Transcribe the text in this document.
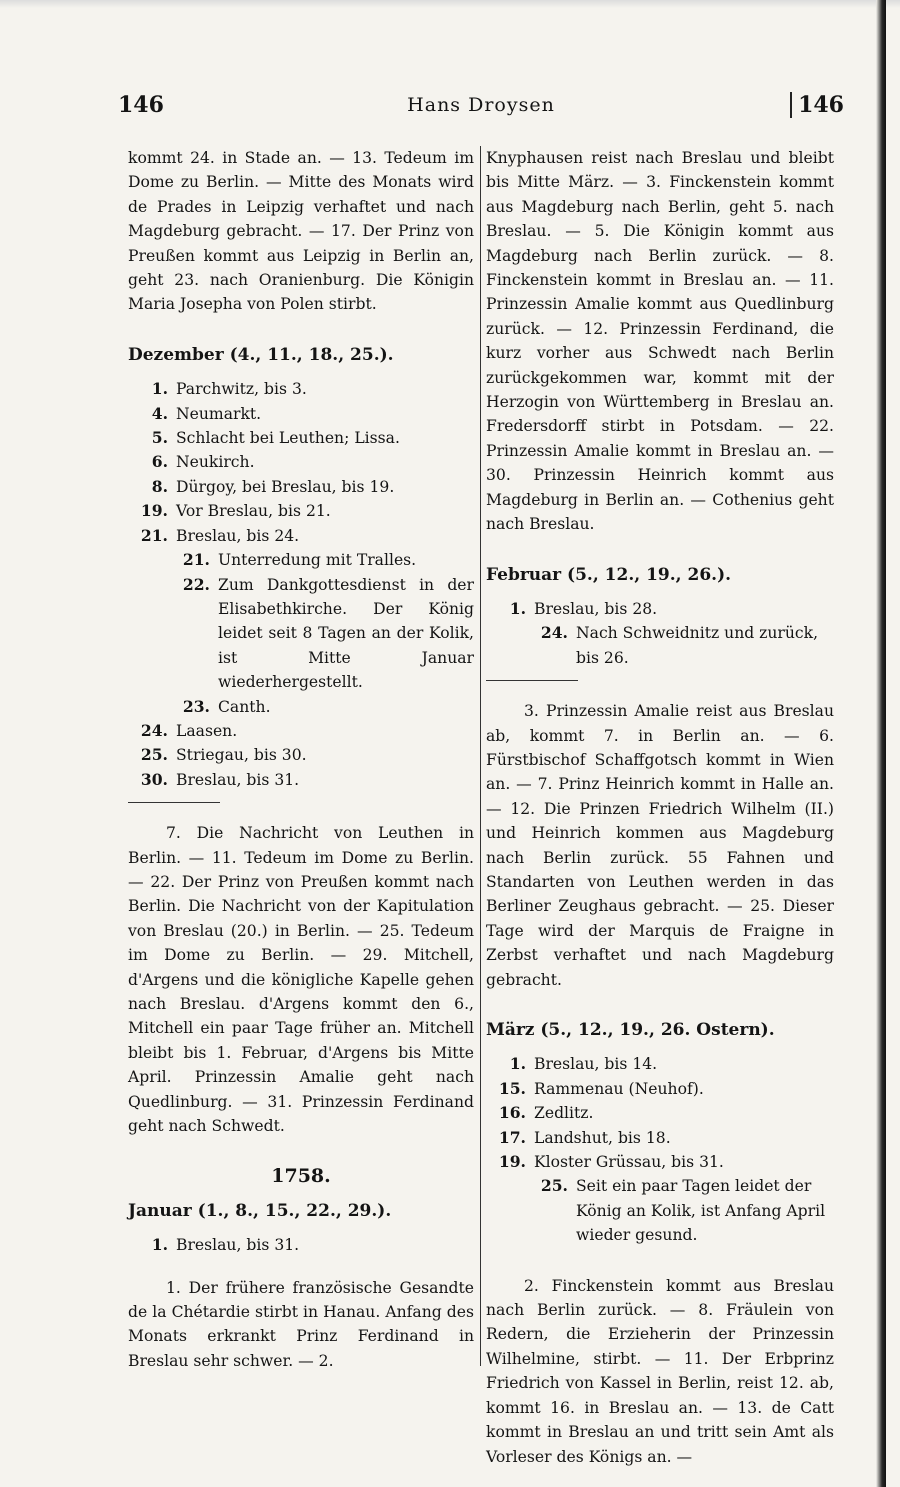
146	Hans Droysen	146

kommt 24. in Stade an. — 13. Tedeum im Dome zu Berlin. — Mitte des Monats wird de Prades in Leipzig verhaftet und nach Magdeburg gebracht. — 17. Der Prinz von Preußen kommt aus Leipzig in Berlin an, geht 23. nach Oranienburg. Die Königin Maria Josepha von Polen stirbt.

Dezember (4., 11., 18., 25.).

1. Parchwitz, bis 3.
4. Neumarkt.
5. Schlacht bei Leuthen; Lissa.
6. Neukirch.
8. Dürgoy, bei Breslau, bis 19.
19. Vor Breslau, bis 21.
21. Breslau, bis 24.
21. Unterredung mit Tralles.
22. Zum Dankgottesdienst in der Elisabethkirche. Der König leidet seit 8 Tagen an der Kolik, ist Mitte Januar wiederhergestellt.
23. Canth.
24. Laasen.
25. Striegau, bis 30.
30. Breslau, bis 31.

7. Die Nachricht von Leuthen in Berlin. — 11. Tedeum im Dome zu Berlin. — 22. Der Prinz von Preußen kommt nach Berlin. Die Nachricht von der Kapitulation von Breslau (20.) in Berlin. — 25. Tedeum im Dome zu Berlin. — 29. Mitchell, d'Argens und die königliche Kapelle gehen nach Breslau. d'Argens kommt den 6., Mitchell ein paar Tage früher an. Mitchell bleibt bis 1. Februar, d'Argens bis Mitte April. Prinzessin Amalie geht nach Quedlinburg. — 31. Prinzessin Ferdinand geht nach Schwedt.

1758.

Januar (1., 8., 15., 22., 29.).

1. Breslau, bis 31.

1. Der frühere französische Gesandte de la Chétardie stirbt in Hanau. Anfang des Monats erkrankt Prinz Ferdinand in Breslau sehr schwer. — 2.

Knyphausen reist nach Breslau und bleibt bis Mitte März. — 3. Finckenstein kommt aus Magdeburg nach Berlin, geht 5. nach Breslau. — 5. Die Königin kommt aus Magdeburg nach Berlin zurück. — 8. Finckenstein kommt in Breslau an. — 11. Prinzessin Amalie kommt aus Quedlinburg zurück. — 12. Prinzessin Ferdinand, die kurz vorher aus Schwedt nach Berlin zurückgekommen war, kommt mit der Herzogin von Württemberg in Breslau an. Fredersdorff stirbt in Potsdam. — 22. Prinzessin Amalie kommt in Breslau an. — 30. Prinzessin Heinrich kommt aus Magdeburg in Berlin an. — Cothenius geht nach Breslau.

Februar (5., 12., 19., 26.).

1. Breslau, bis 28.
24. Nach Schweidnitz und zurück, bis 26.

3. Prinzessin Amalie reist aus Breslau ab, kommt 7. in Berlin an. — 6. Fürstbischof Schaffgotsch kommt in Wien an. — 7. Prinz Heinrich kommt in Halle an. — 12. Die Prinzen Friedrich Wilhelm (II.) und Heinrich kommen aus Magdeburg nach Berlin zurück. 55 Fahnen und Standarten von Leuthen werden in das Berliner Zeughaus gebracht. — 25. Dieser Tage wird der Marquis de Fraigne in Zerbst verhaftet und nach Magdeburg gebracht.

März (5., 12., 19., 26. Ostern).

1. Breslau, bis 14.
15. Rammenau (Neuhof).
16. Zedlitz.
17. Landshut, bis 18.
19. Kloster Grüssau, bis 31.
25. Seit ein paar Tagen leidet der König an Kolik, ist Anfang April wieder gesund.

2. Finckenstein kommt aus Breslau nach Berlin zurück. — 8. Fräulein von Redern, die Erzieherin der Prinzessin Wilhelmine, stirbt. — 11. Der Erbprinz Friedrich von Kassel in Berlin, reist 12. ab, kommt 16. in Breslau an. — 13. de Catt kommt in Breslau an und tritt sein Amt als Vorleser des Königs an. —
